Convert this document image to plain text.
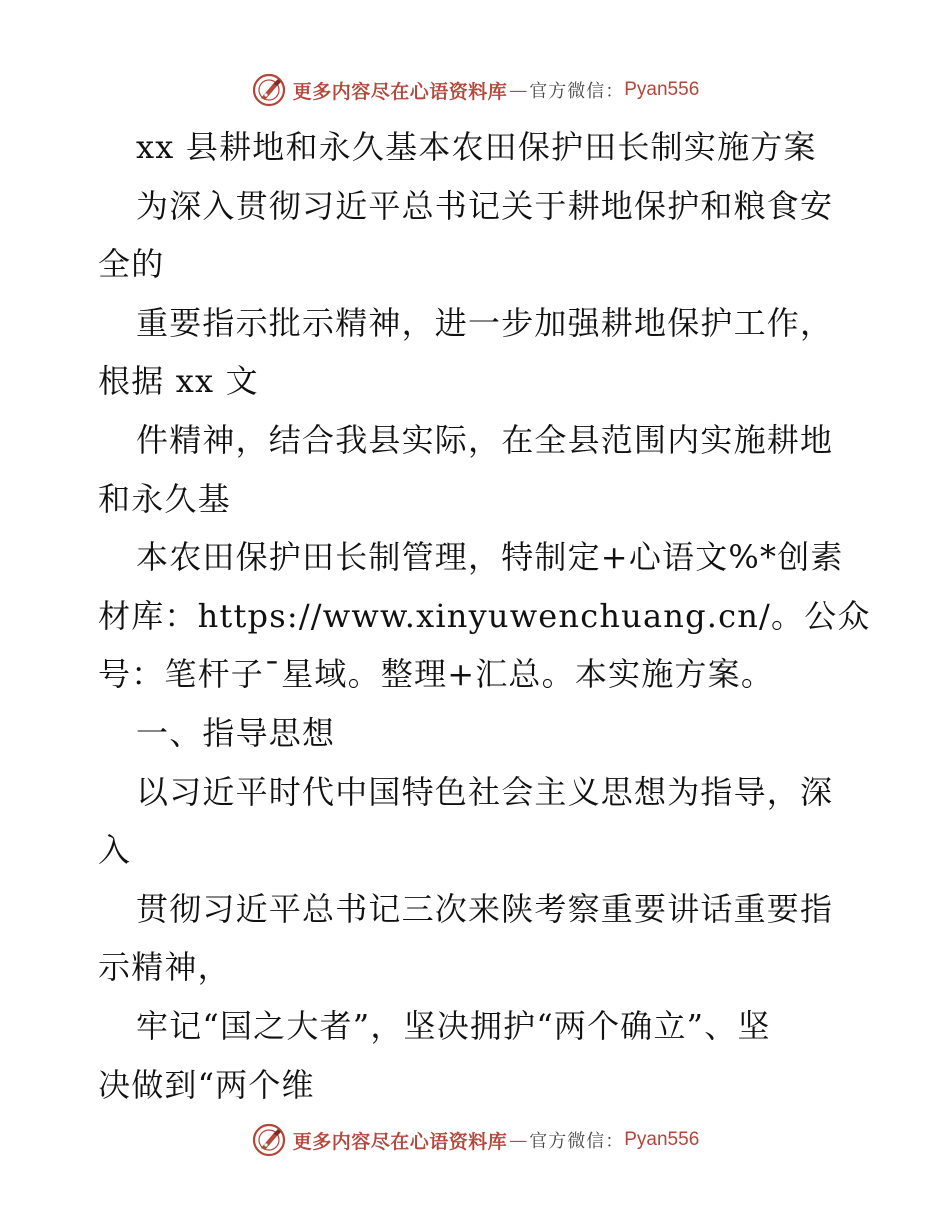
更多内容尽在心语资料库 — 官方微信： Pyan556
xx 县耕地和永久基本农田保护田长制实施方案
为深入贯彻习近平总书记关于耕地保护和粮食安
全的
重要指示批示精神，进一步加强耕地保护工作，
根据 xx 文
件精神，结合我县实际，在全县范围内实施耕地
和永久基
本农田保护田长制管理，特制定+心语文%*创素
材库：https://www.xinyuwenchuang.cn/。公众
号：笔杆子¯星域。整理+汇总。本实施方案。
一、指导思想
以习近平时代中国特色社会主义思想为指导，深
入
贯彻习近平总书记三次来陕考察重要讲话重要指
示精神，
牢记“国之大者”，坚决拥护“两个确立”、坚
决做到“两个维
更多内容尽在心语资料库 — 官方微信： Pyan556
